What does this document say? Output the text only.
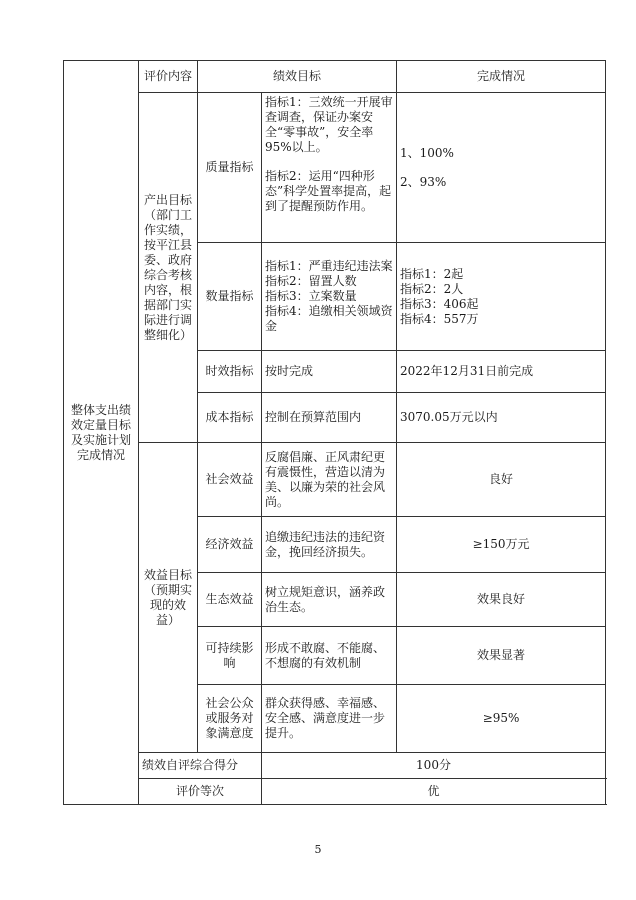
整体支出绩效定量目标及实施计划完成情况	评价内容	绩效目标		完成情况
	产出目标（部门工作实绩，按平江县委、政府综合考核内容，根据部门实际进行调整细化）	质量指标	指标1：三效统一开展审查调查，保证办案安全“零事故”，安全率95%以上。
指标2：运用“四种形态”科学处置率提高，起到了提醒预防作用。	1、100%
2、93%

		数量指标	指标1：严重违纪违法案
指标2：留置人数
指标3：立案数量
指标4：追缴相关领域资金	指标1：2起
指标2：2人
指标3：406起
指标4：557万

		时效指标	按时完成	2022年12月31日前完成
		成本指标	控制在预算范围内	3070.05万元以内
	效益目标（预期实现的效益）	社会效益	反腐倡廉、正风肃纪更有震慑性，营造以清为美、以廉为荣的社会风尚。	良好
		经济效益	追缴违纪违法的违纪资金，挽回经济损失。	≥150万元
		生态效益	树立规矩意识，涵养政治生态。	效果良好
		可持续影响	形成不敢腐、不能腐、不想腐的有效机制	效果显著
		社会公众或服务对象满意度	群众获得感、幸福感、安全感、满意度进一步提升。	≥95%
	绩效自评综合得分		100分	
	评价等次		优	
5
